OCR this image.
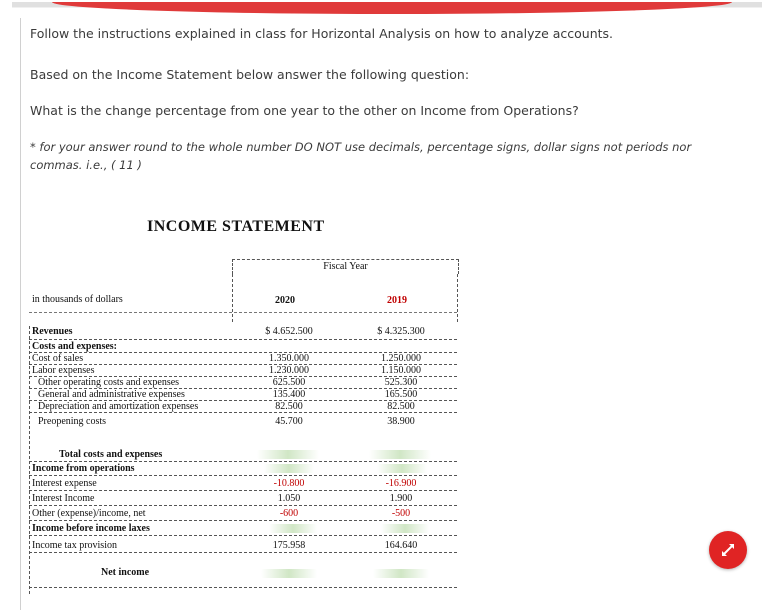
Follow the instructions explained in class for Horizontal Analysis on how to analyze accounts.
Based on the Income Statement below answer the following question:
What is the change percentage from one year to the other on Income from Operations?
* for your answer round to the whole number DO NOT use decimals, percentage signs, dollar signs not periods nor commas. i.e., ( 11 )
INCOME STATEMENT
Fiscal Year
in thousands of dollars	2020	2019
Revenues	$ 4.652.500	$ 4.325.300
Costs and expenses:
Cost of sales	1.350.000	1.250.000
Labor expenses	1.230.000	1.150.000
Other operating costs and expenses	625.500	525.300
General and administrative expenses	135.400	165.500
Depreciation and amortization expenses	82.500	82.500
Preopening costs	45.700	38.900
Total costs and expenses
Income from operations
Interest expense	-10.800	-16.900
Interest Income	1.050	1.900
Other (expense)/income, net	-600	-500
Income before income laxes
Income tax provision	175.958	164.640
Net income
